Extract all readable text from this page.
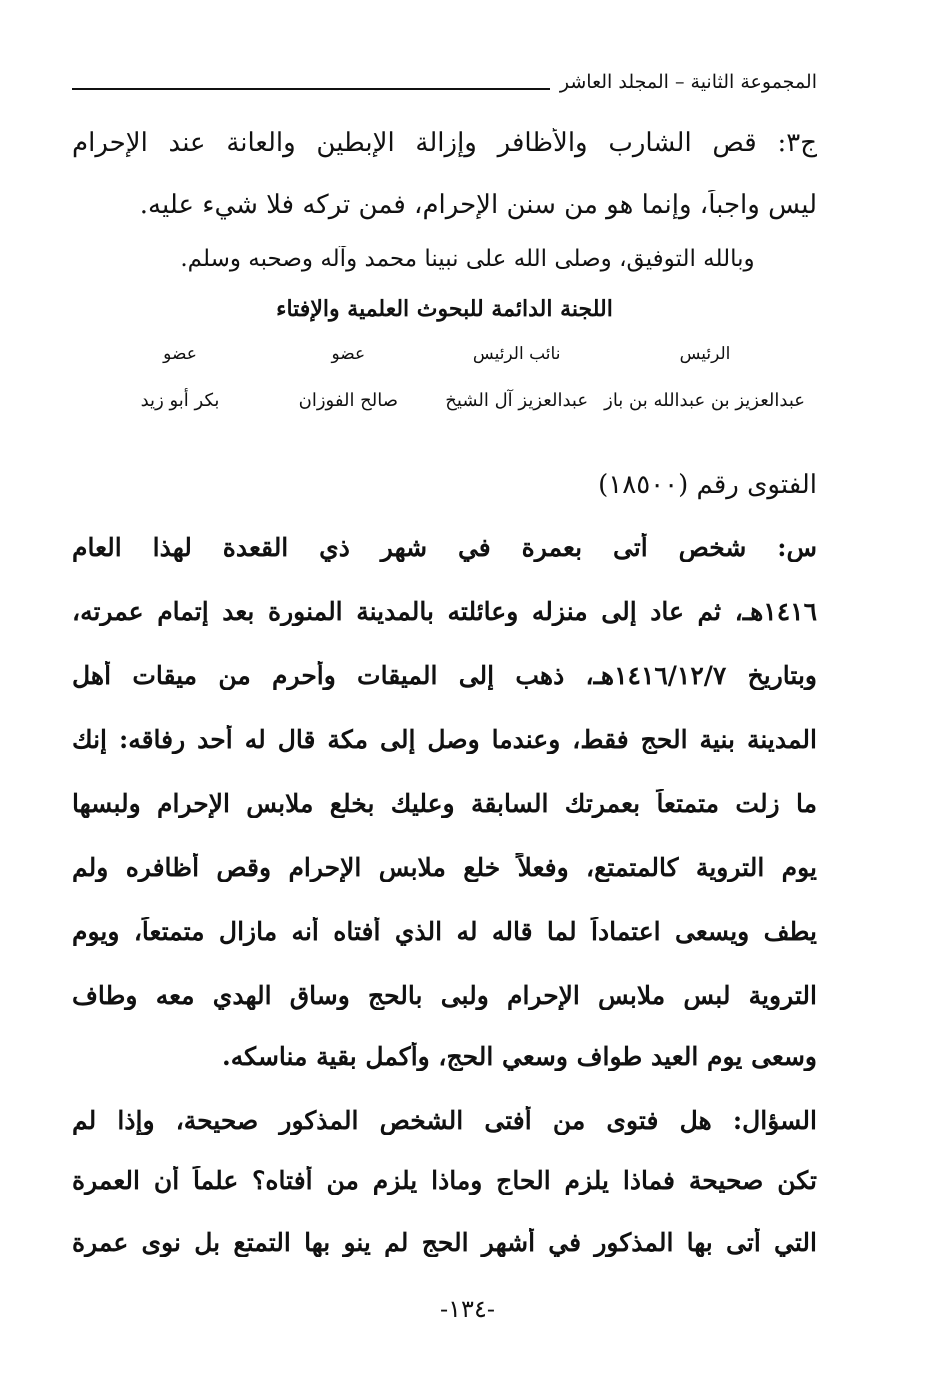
المجموعة الثانية – المجلد العاشر
ج٣: قص الشارب والأظافر وإزالة الإبطين والعانة عند الإحرام
ليس واجباً، وإنما هو من سنن الإحرام، فمن تركه فلا شيء عليه.
وبالله التوفيق، وصلى الله على نبينا محمد وآله وصحبه وسلم.
اللجنة الدائمة للبحوث العلمية والإفتاء
الرئيس
نائب الرئيس
عضو
عضو
عبدالعزيز بن عبدالله بن باز
عبدالعزيز آل الشيخ
صالح الفوزان
بكر أبو زيد
الفتوى رقم (١٨٥٠٠)
س: شخص أتى بعمرة في شهر ذي القعدة لهذا العام
١٤١٦هـ، ثم عاد إلى منزله وعائلته بالمدينة المنورة بعد إتمام عمرته،
وبتاريخ ١٤١٦/١٢/٧هـ، ذهب إلى الميقات وأحرم من ميقات أهل
المدينة بنية الحج فقط، وعندما وصل إلى مكة قال له أحد رفاقه: إنك
ما زلت متمتعاً بعمرتك السابقة وعليك بخلع ملابس الإحرام ولبسها
يوم التروية كالمتمتع، وفعلاً خلع ملابس الإحرام وقص أظافره ولم
يطف ويسعى اعتماداً لما قاله له الذي أفتاه أنه مازال متمتعاً، ويوم
التروية لبس ملابس الإحرام ولبى بالحج وساق الهدي معه وطاف
وسعى يوم العيد طواف وسعي الحج، وأكمل بقية مناسكه.
السؤال: هل فتوى من أفتى الشخص المذكور صحيحة، وإذا لم
تكن صحيحة فماذا يلزم الحاج وماذا يلزم من أفتاه؟ علماً أن العمرة
التي أتى بها المذكور في أشهر الحج لم ينو بها التمتع بل نوى عمرة
-١٣٤-
